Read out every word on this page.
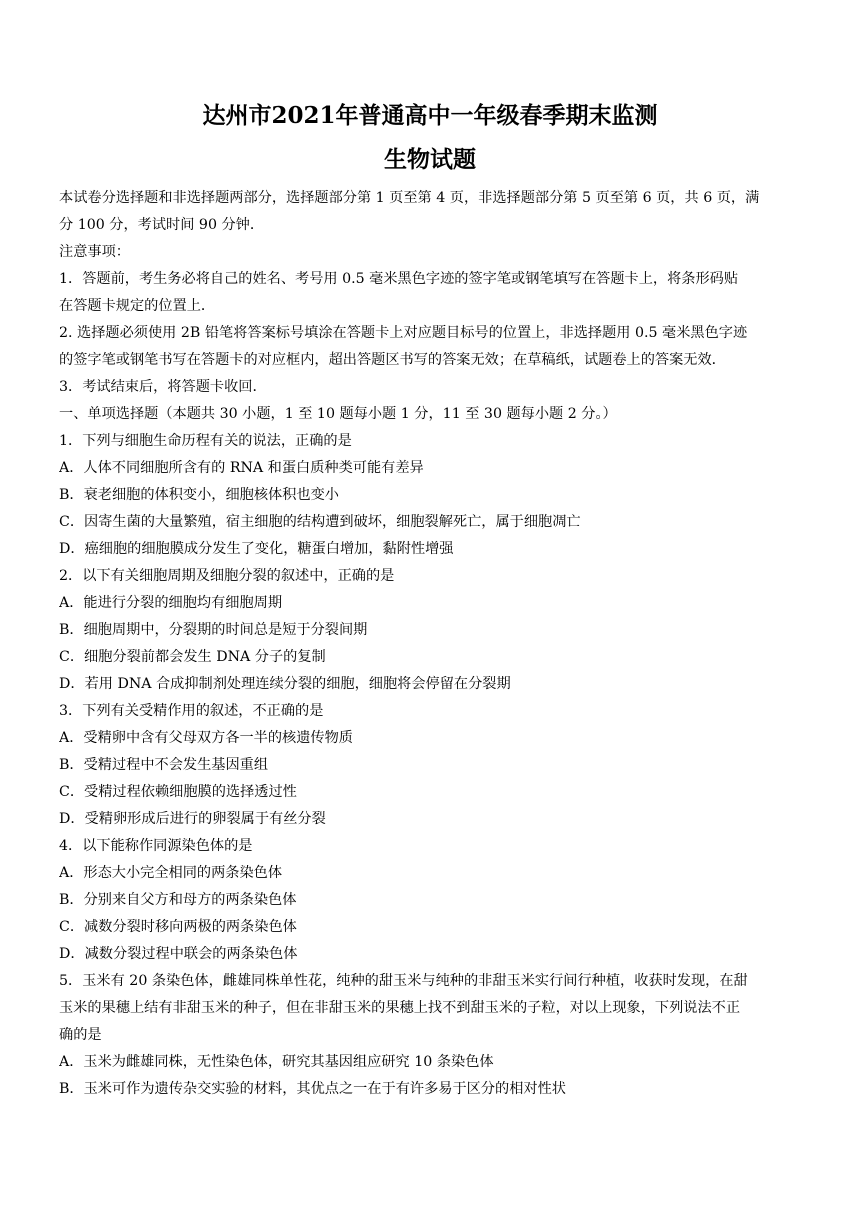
达州市2021年普通高中一年级春季期末监测
生物试题
本试卷分选择题和非选择题两部分，选择题部分第 1 页至第 4 页，非选择题部分第 5 页至第 6 页，共 6 页，满
分 100 分，考试时间 90 分钟．
注意事项：
1．答题前，考生务必将自己的姓名、考号用 0.5 毫米黑色字迹的签字笔或钢笔填写在答题卡上，将条形码贴
在答题卡规定的位置上．
2. 选择题必须使用 2B 铅笔将答案标号填涂在答题卡上对应题目标号的位置上，非选择题用 0.5 毫米黑色字迹
的签字笔或钢笔书写在答题卡的对应框内，超出答题区书写的答案无效；在草稿纸，试题卷上的答案无效．
3．考试结束后，将答题卡收回．
一、单项选择题（本题共 30 小题，1 至 10 题每小题 1 分，11 至 30 题每小题 2 分。）
1．下列与细胞生命历程有关的说法，正确的是
A．人体不同细胞所含有的 RNA 和蛋白质种类可能有差异
B．衰老细胞的体积变小，细胞核体积也变小
C．因寄生菌的大量繁殖，宿主细胞的结构遭到破坏，细胞裂解死亡，属于细胞凋亡
D．癌细胞的细胞膜成分发生了变化，糖蛋白增加，黏附性增强
2．以下有关细胞周期及细胞分裂的叙述中，正确的是
A．能进行分裂的细胞均有细胞周期
B．细胞周期中，分裂期的时间总是短于分裂间期
C．细胞分裂前都会发生 DNA 分子的复制
D．若用 DNA 合成抑制剂处理连续分裂的细胞，细胞将会停留在分裂期
3．下列有关受精作用的叙述，不正确的是
A．受精卵中含有父母双方各一半的核遗传物质
B．受精过程中不会发生基因重组
C．受精过程依赖细胞膜的选择透过性
D．受精卵形成后进行的卵裂属于有丝分裂
4．以下能称作同源染色体的是
A．形态大小完全相同的两条染色体
B．分别来自父方和母方的两条染色体
C．减数分裂时移向两极的两条染色体
D．减数分裂过程中联会的两条染色体
5．玉米有 20 条染色体，雌雄同株单性花，纯种的甜玉米与纯种的非甜玉米实行间行种植，收获时发现，在甜
玉米的果穗上结有非甜玉米的种子，但在非甜玉米的果穗上找不到甜玉米的子粒，对以上现象，下列说法不正
确的是
A．玉米为雌雄同株，无性染色体，研究其基因组应研究 10 条染色体
B．玉米可作为遗传杂交实验的材料，其优点之一在于有许多易于区分的相对性状
